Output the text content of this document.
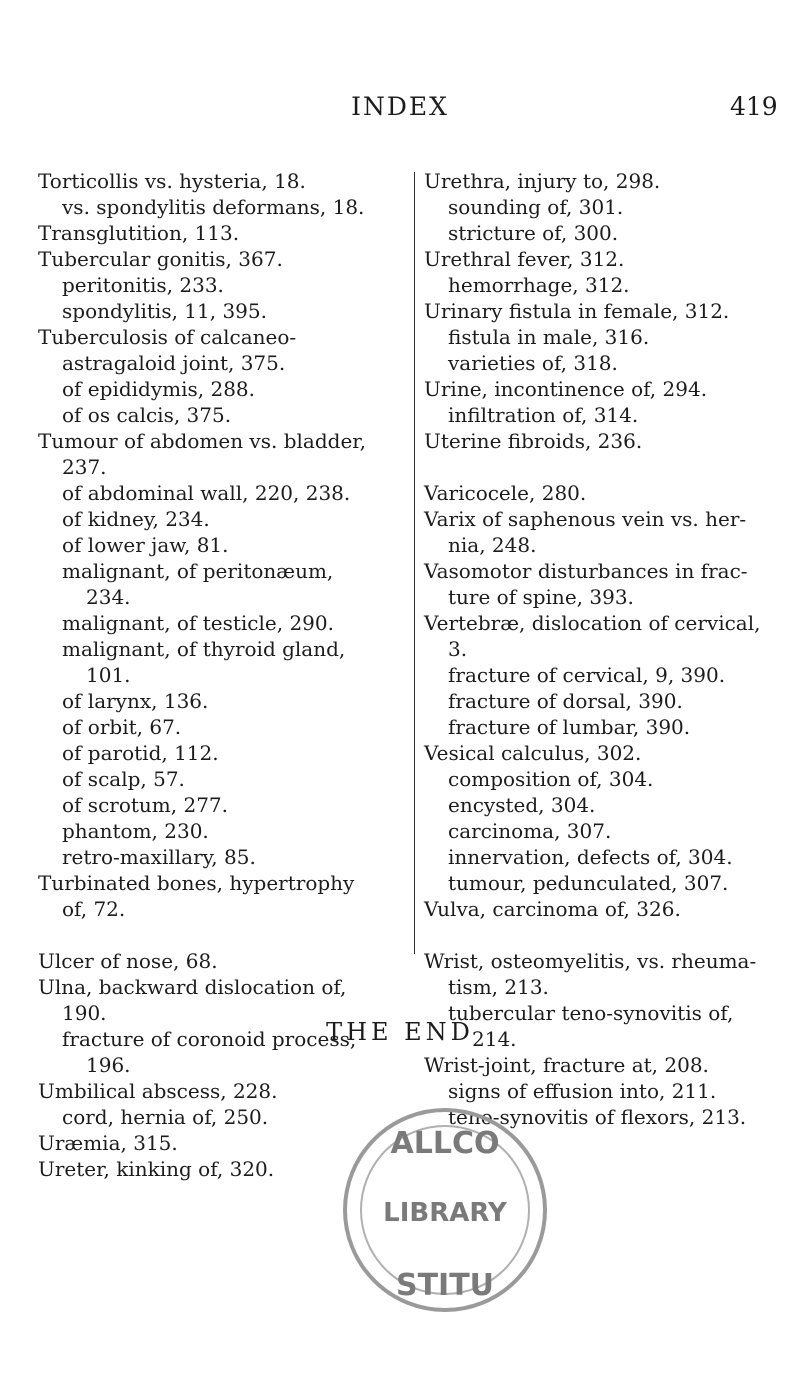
INDEX	419
Torticollis vs. hysteria, 18.
vs. spondylitis deformans, 18.
Transglutition, 113.
Tubercular gonitis, 367.
peritonitis, 233.
spondylitis, 11, 395.
Tuberculosis of calcaneo-astragaloid joint, 375.
of epididymis, 288.
of os calcis, 375.
Tumour of abdomen vs. bladder, 237.
of abdominal wall, 220, 238.
of kidney, 234.
of lower jaw, 81.
malignant, of peritonæum, 234.
malignant, of testicle, 290.
malignant, of thyroid gland, 101.
of larynx, 136.
of orbit, 67.
of parotid, 112.
of scalp, 57.
of scrotum, 277.
phantom, 230.
retro-maxillary, 85.
Turbinated bones, hypertrophy of, 72.
Ulcer of nose, 68.
Ulna, backward dislocation of, 190.
fracture of coronoid process, 196.
Umbilical abscess, 228.
cord, hernia of, 250.
Uræmia, 315.
Ureter, kinking of, 320.
Urethra, injury to, 298.
sounding of, 301.
stricture of, 300.
Urethral fever, 312.
hemorrhage, 312.
Urinary fistula in female, 312.
fistula in male, 316.
varieties of, 318.
Urine, incontinence of, 294.
infiltration of, 314.
Uterine fibroids, 236.
Varicocele, 280.
Varix of saphenous vein vs. hernia, 248.
Vasomotor disturbances in fracture of spine, 393.
Vertebræ, dislocation of cervical, 3.
fracture of cervical, 9, 390.
fracture of dorsal, 390.
fracture of lumbar, 390.
Vesical calculus, 302.
composition of, 304.
encysted, 304.
carcinoma, 307.
innervation, defects of, 304.
tumour, pedunculated, 307.
Vulva, carcinoma of, 326.
Wrist, osteomyelitis, vs. rheumatism, 213.
tubercular teno-synovitis of, 214.
Wrist-joint, fracture at, 208.
signs of effusion into, 211.
teno-synovitis of flexors, 213.
THE END
ALLCO
LIBRARY
STITU
